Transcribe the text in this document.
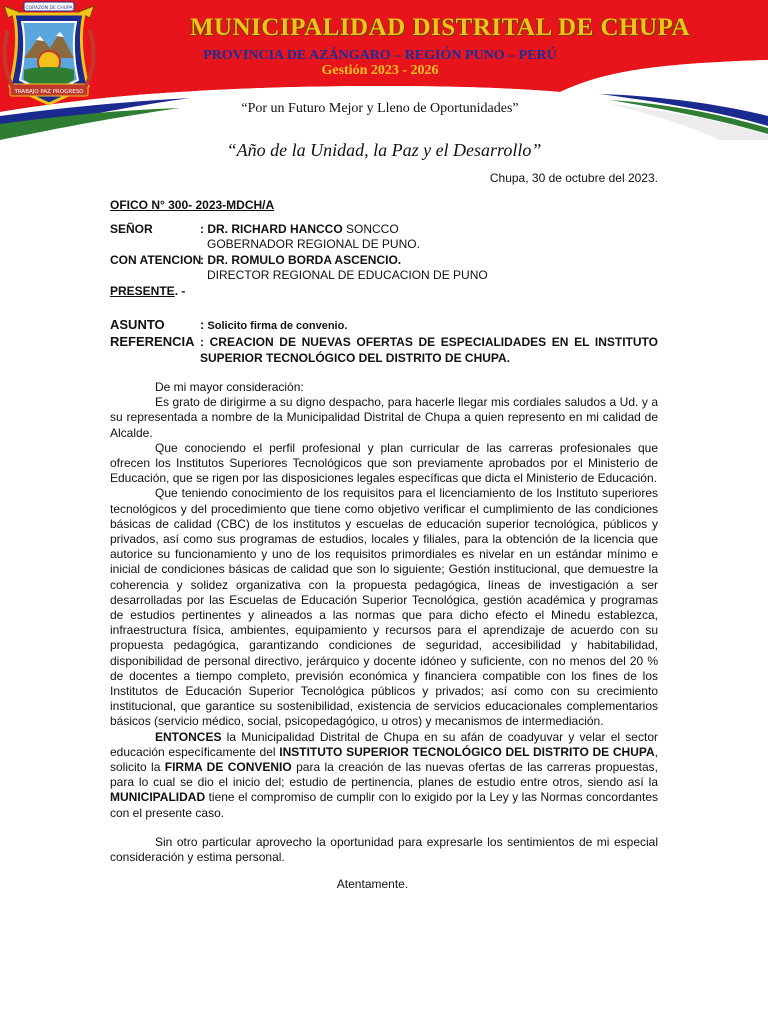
TRABAJO PAZ PROGRESO
CORAZON DE CHUPA
MUNICIPALIDAD DISTRITAL DE CHUPA
PROVINCIA DE AZÁNGARO – REGIÓN PUNO – PERÚ
Gestión 2023 - 2026
“Por un Futuro Mejor y Lleno de Oportunidades”
“Año de la Unidad, la Paz y el Desarrollo”
Chupa, 30 de octubre del 2023.
OFICO N° 300- 2023-MDCH/A
SEÑOR	: DR. RICHARD HANCCO SONCCO
GOBERNADOR REGIONAL DE PUNO.
CON ATENCION
: DR. ROMULO BORDA ASCENCIO.
DIRECTOR REGIONAL DE EDUCACION DE PUNO
PRESENTE. -
ASUNTO	: Solicito firma de convenio.
REFERENCIA : CREACION DE NUEVAS OFERTAS DE ESPECIALIDADES EN EL INSTITUTO SUPERIOR TECNOLÓGICO DEL DISTRITO DE CHUPA.

De mi mayor consideración:

Es grato de dirigirme a su digno despacho, para hacerle llegar mis cordiales saludos a Ud. y a su representada a nombre de la Municipalidad Distrital de Chupa a quien represento en mi calidad de Alcalde.

Que conociendo el perfil profesional y plan curricular de las carreras profesionales que ofrecen los Institutos Superiores Tecnológicos que son previamente aprobados por el Ministerio de Educación, que se rigen por las disposiciones legales específicas que dicta el Ministerio de Educación.

Que teniendo conocimiento de los requisitos para el licenciamiento de los Instituto superiores tecnológicos y del procedimiento que tiene como objetivo verificar el cumplimiento de las condiciones básicas de calidad (CBC) de los institutos y escuelas de educación superior tecnológica, públicos y privados, así como sus programas de estudios, locales y filiales, para la obtención de la licencia que autorice su funcionamiento y uno de los requisitos primordiales es nivelar en un estándar mínimo e inicial de condiciones básicas de calidad que son lo siguiente; Gestión institucional, que demuestre la coherencia y solidez organizativa con la propuesta pedagógica, líneas de investigación a ser desarrolladas por las Escuelas de Educación Superior Tecnológica, gestión académica y programas de estudios pertinentes y alineados a las normas que para dicho efecto el Minedu establezca, infraestructura física, ambientes, equipamiento y recursos para el aprendizaje de acuerdo con su propuesta pedagógica, garantizando condiciones de seguridad, accesibilidad y habitabilidad, disponibilidad de personal directivo, jerárquico y docente idóneo y suficiente, con no menos del 20 % de docentes a tiempo completo, previsión económica y financiera compatible con los fines de los Institutos de Educación Superior Tecnológica públicos y privados; así como con su crecimiento institucional, que garantice su sostenibilidad, existencia de servicios educacionales complementarios básicos (servicio médico, social, psicopedagógico, u otros) y mecanismos de intermediación.

ENTONCES la Municipalidad Distrital de Chupa en su afán de coadyuvar y velar el sector educación específicamente del INSTITUTO SUPERIOR TECNOLÓGICO DEL DISTRITO DE CHUPA, solicito la FIRMA DE CONVENIO para la creación de las nuevas ofertas de las carreras propuestas, para lo cual se dio el inicio del; estudio de pertinencia, planes de estudio entre otros, siendo así la MUNICIPALIDAD tiene el compromiso de cumplir con lo exigido por la Ley y las Normas concordantes con el presente caso.

Sin otro particular aprovecho la oportunidad para expresarle los sentimientos de mi especial consideración y estima personal.

Atentamente.
